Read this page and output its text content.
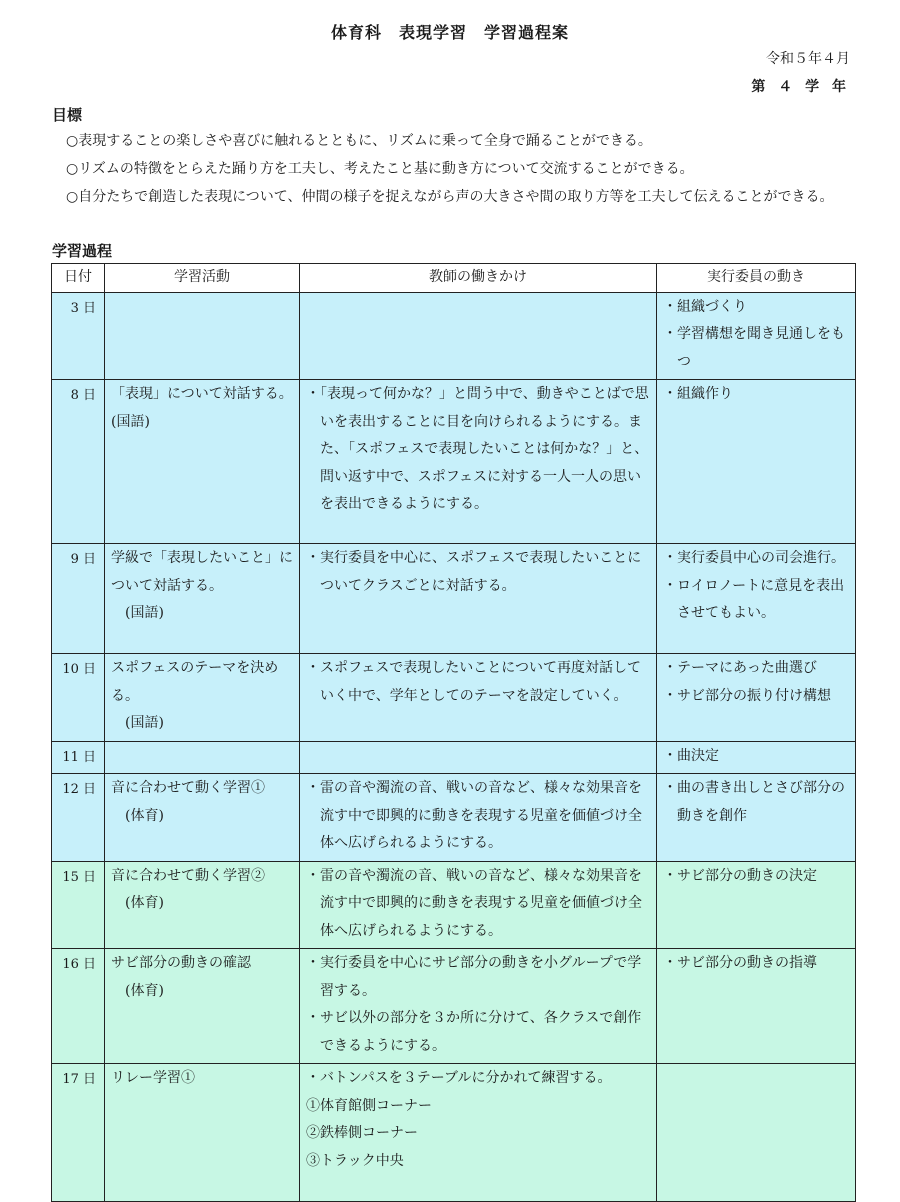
体育科　表現学習　学習過程案
令和５年４月
第 ４ 学 年
目標
○表現することの楽しさや喜びに触れるとともに、リズムに乗って全身で踊ることができる。
○リズムの特徴をとらえた踊り方を工夫し、考えたこと基に動き方について交流することができる。
○自分たちで創造した表現について、仲間の様子を捉えながら声の大きさや間の取り方等を工夫して伝えることができる。
学習過程
日付	学習活動	教師の働きかけ	実行委員の動き
3 日			・組織づくり
・学習構想を聞き見通しをもつ

8 日	「表現」について対話する。(国語)	・「表現って何かな？」と問う中で、動きやことばで思いを表出することに目を向けられるようにする。また、「スポフェスで表現したいことは何かな？」と、問い返す中で、スポフェスに対する一人一人の思いを表出できるようにする。	・組織作り

9 日	学級で「表現したいこと」について対話する。
(国語)	・実行委員を中心に、スポフェスで表現したいことについてクラスごとに対話する。	・実行委員中心の司会進行。
・ロイロノートに意見を表出させてもよい。

10 日	スポフェスのテーマを決める。
(国語)	・スポフェスで表現したいことについて再度対話していく中で、学年としてのテーマを設定していく。	・テーマにあった曲選び
・サビ部分の振り付け構想

11 日			・曲決定

12 日	音に合わせて動く学習①
(体育)	・雷の音や濁流の音、戦いの音など、様々な効果音を流す中で即興的に動きを表現する児童を価値づけ全体へ広げられるようにする。	・曲の書き出しとさび部分の動きを創作

15 日	音に合わせて動く学習②
(体育)	・雷の音や濁流の音、戦いの音など、様々な効果音を流す中で即興的に動きを表現する児童を価値づけ全体へ広げられるようにする。	・サビ部分の動きの決定

16 日	サビ部分の動きの確認
(体育)	・実行委員を中心にサビ部分の動きを小グループで学習する。
・サビ以外の部分を３か所に分けて、各クラスで創作できるようにする。	・サビ部分の動きの指導

17 日	リレー学習①	・バトンパスを３テーブルに分かれて練習する。
①体育館側コーナー
②鉄棒側コーナー
③トラック中央	
